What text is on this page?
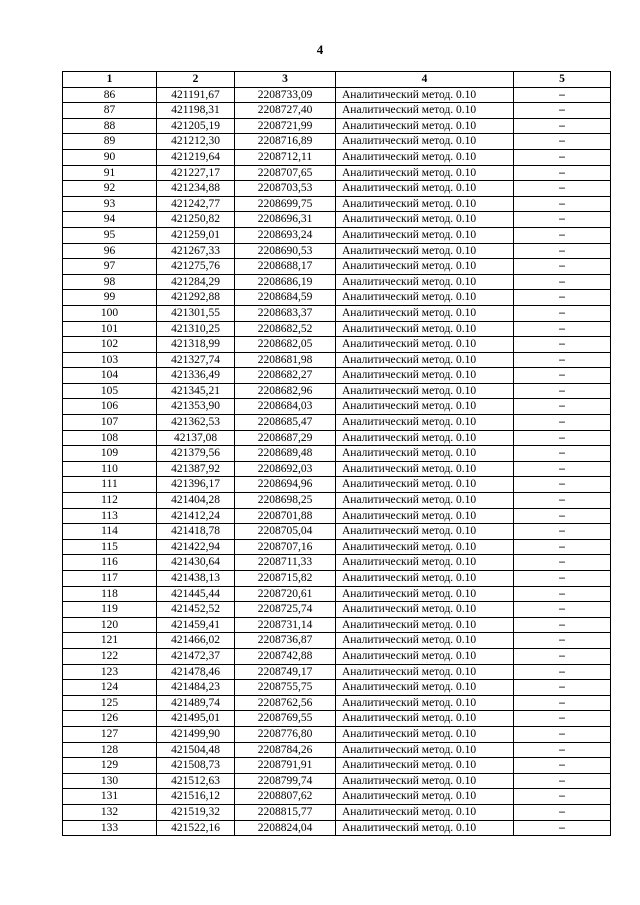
4
1	2	3	4	5
86	421191,67	2208733,09	Аналитический метод. 0.10	–
87	421198,31	2208727,40	Аналитический метод. 0.10	–
88	421205,19	2208721,99	Аналитический метод. 0.10	–
89	421212,30	2208716,89	Аналитический метод. 0.10	–
90	421219,64	2208712,11	Аналитический метод. 0.10	–
91	421227,17	2208707,65	Аналитический метод. 0.10	–
92	421234,88	2208703,53	Аналитический метод. 0.10	–
93	421242,77	2208699,75	Аналитический метод. 0.10	–
94	421250,82	2208696,31	Аналитический метод. 0.10	–
95	421259,01	2208693,24	Аналитический метод. 0.10	–
96	421267,33	2208690,53	Аналитический метод. 0.10	–
97	421275,76	2208688,17	Аналитический метод. 0.10	–
98	421284,29	2208686,19	Аналитический метод. 0.10	–
99	421292,88	2208684,59	Аналитический метод. 0.10	–
100	421301,55	2208683,37	Аналитический метод. 0.10	–
101	421310,25	2208682,52	Аналитический метод. 0.10	–
102	421318,99	2208682,05	Аналитический метод. 0.10	–
103	421327,74	2208681,98	Аналитический метод. 0.10	–
104	421336,49	2208682,27	Аналитический метод. 0.10	–
105	421345,21	2208682,96	Аналитический метод. 0.10	–
106	421353,90	2208684,03	Аналитический метод. 0.10	–
107	421362,53	2208685,47	Аналитический метод. 0.10	–
108	42137,08	2208687,29	Аналитический метод. 0.10	–
109	421379,56	2208689,48	Аналитический метод. 0.10	–
110	421387,92	2208692,03	Аналитический метод. 0.10	–
111	421396,17	2208694,96	Аналитический метод. 0.10	–
112	421404,28	2208698,25	Аналитический метод. 0.10	–
113	421412,24	2208701,88	Аналитический метод. 0.10	–
114	421418,78	2208705,04	Аналитический метод. 0.10	–
115	421422,94	2208707,16	Аналитический метод. 0.10	–
116	421430,64	2208711,33	Аналитический метод. 0.10	–
117	421438,13	2208715,82	Аналитический метод. 0.10	–
118	421445,44	2208720,61	Аналитический метод. 0.10	–
119	421452,52	2208725,74	Аналитический метод. 0.10	–
120	421459,41	2208731,14	Аналитический метод. 0.10	–
121	421466,02	2208736,87	Аналитический метод. 0.10	–
122	421472,37	2208742,88	Аналитический метод. 0.10	–
123	421478,46	2208749,17	Аналитический метод. 0.10	–
124	421484,23	2208755,75	Аналитический метод. 0.10	–
125	421489,74	2208762,56	Аналитический метод. 0.10	–
126	421495,01	2208769,55	Аналитический метод. 0.10	–
127	421499,90	2208776,80	Аналитический метод. 0.10	–
128	421504,48	2208784,26	Аналитический метод. 0.10	–
129	421508,73	2208791,91	Аналитический метод. 0.10	–
130	421512,63	2208799,74	Аналитический метод. 0.10	–
131	421516,12	2208807,62	Аналитический метод. 0.10	–
132	421519,32	2208815,77	Аналитический метод. 0.10	–
133	421522,16	2208824,04	Аналитический метод. 0.10	–
